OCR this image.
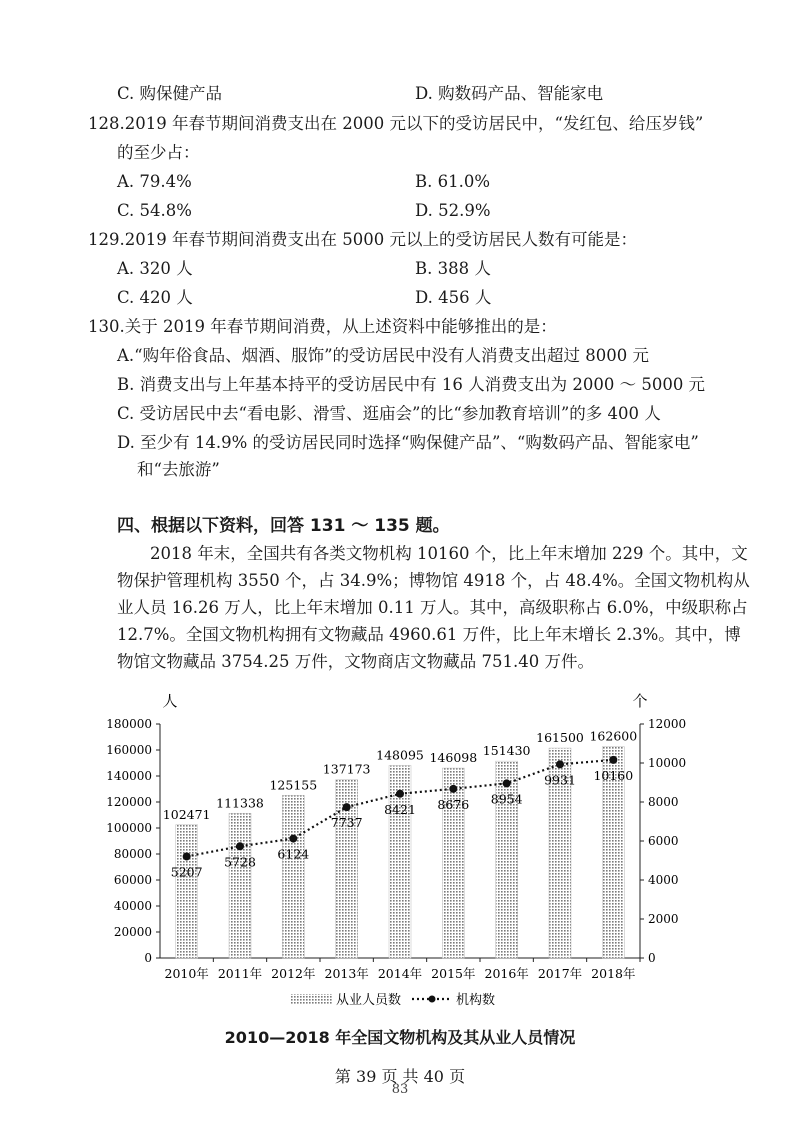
C. 购保健产品	D. 购数码产品、智能家电
128.2019 年春节期间消费支出在 2000 元以下的受访居民中，“发红包、给压岁钱”
的至少占：
A. 79.4%	B. 61.0%
C. 54.8%	D. 52.9%
129.2019 年春节期间消费支出在 5000 元以上的受访居民人数有可能是：
A. 320 人	B. 388 人
C. 420 人	D. 456 人
130.关于 2019 年春节期间消费，从上述资料中能够推出的是：
A.“购年俗食品、烟酒、服饰”的受访居民中没有人消费支出超过 8000 元
B. 消费支出与上年基本持平的受访居民中有 16 人消费支出为 2000 ～ 5000 元
C. 受访居民中去“看电影、滑雪、逛庙会”的比“参加教育培训”的多 400 人
D. 至少有 14.9% 的受访居民同时选择“购保健产品”、“购数码产品、智能家电”
和“去旅游”
四、根据以下资料，回答 131 ～ 135 题。
2018 年末，全国共有各类文物机构 10160 个，比上年末增加 229 个。其中，文
物保护管理机构 3550 个，占 34.9%；博物馆 4918 个，占 48.4%。全国文物机构从
业人员 16.26 万人，比上年末增加 0.11 万人。其中，高级职称占 6.0%，中级职称占
12.7%。全国文物机构拥有文物藏品 4960.61 万件，比上年末增长 2.3%。其中，博
物馆文物藏品 3754.25 万件，文物商店文物藏品 751.40 万件。
人	个
0
20000
40000
60000
80000
100000
120000
140000
160000
180000
0
2000
4000
6000
8000
10000
12000
102471
111338
125155
137173
148095 146098 151430
161500 162600
2010年 2011年 2012年 2013年 2014年 2015年 2016年 2017年 2018年
5207
5728
6124
7737
8421 8676 8954
9931 10160
从业人员数	机构数
2010—2018 年全国文物机构及其从业人员情况
第 39 页 共 40 页
83
